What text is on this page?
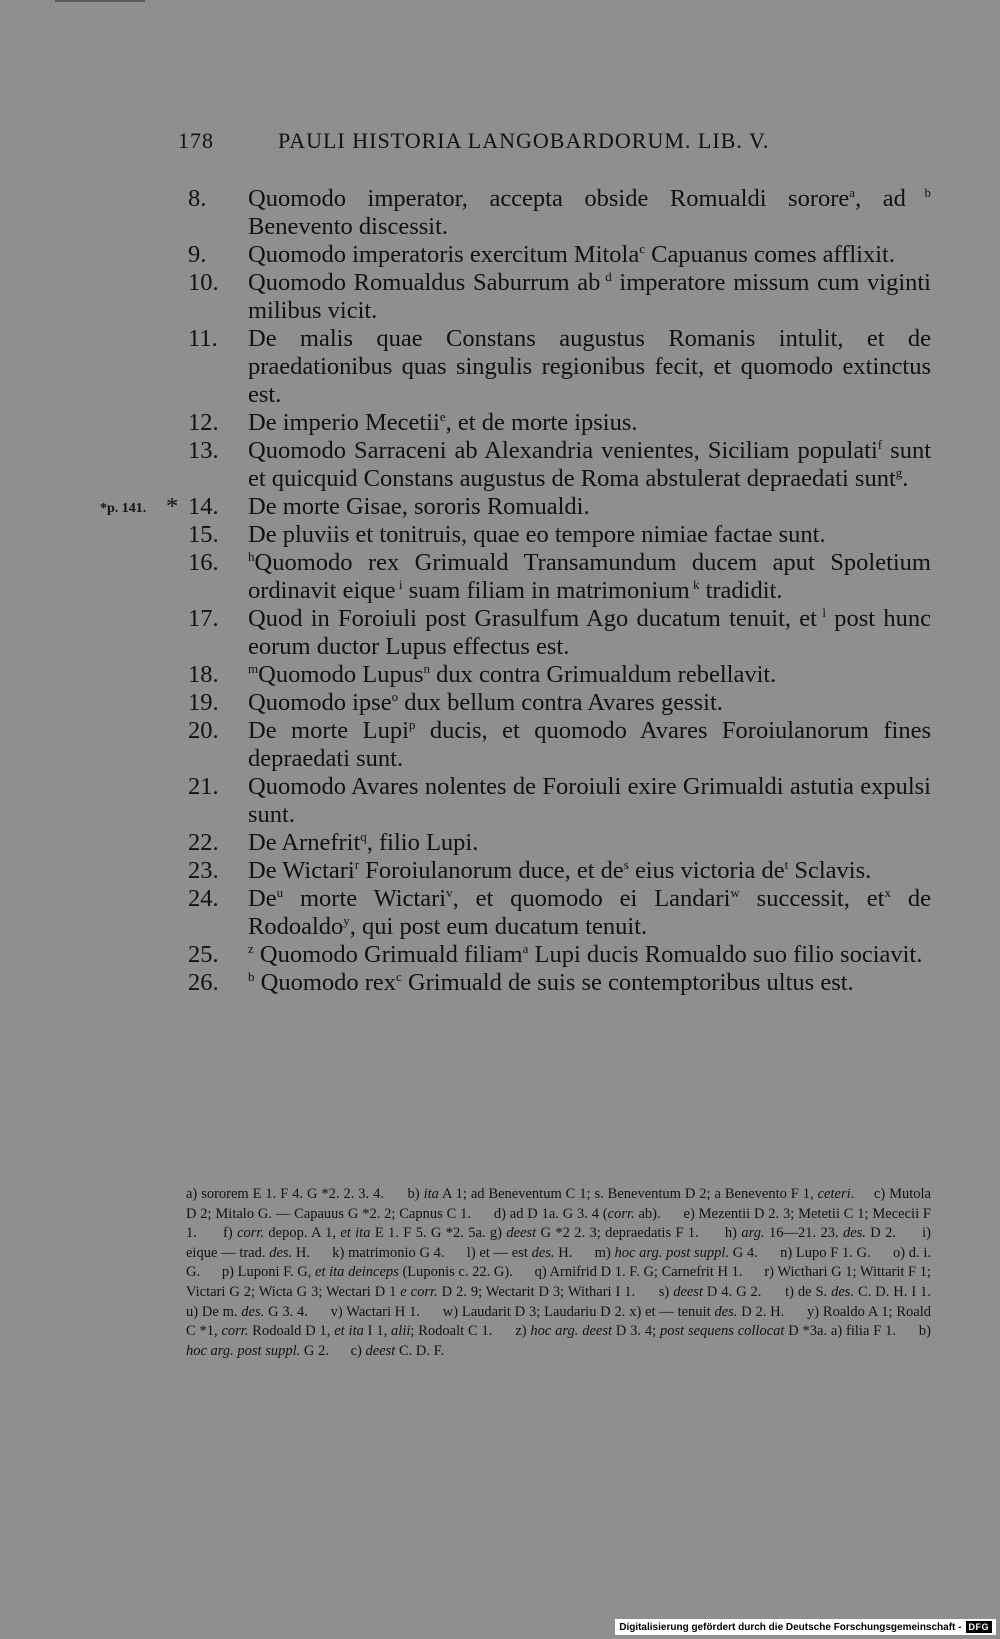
178	PAULI HISTORIA LANGOBARDORUM. LIB. V.
8.	Quomodo imperator, accepta obside Romualdi sorore$^a$, ad $^b$ Benevento discessit.
9.	Quomodo imperatoris exercitum Mitola$^c$ Capuanus comes afflixit.
10.	Quomodo Romualdus Saburrum ab $^d$ imperatore missum cum viginti milibus vicit.
11.	De malis quae Constans augustus Romanis intulit, et de praedationibus quas singulis regionibus fecit, et quomodo extinctus est.
12.	De imperio Mecetii$^e$, et de morte ipsius.
13.	Quomodo Sarraceni ab Alexandria venientes, Siciliam populati$^f$ sunt et quicquid Constans augustus de Roma abstulerat depraedati sunt$^g$.
*p. 141. * 14.	De morte Gisae, sororis Romualdi.
15.	De pluviis et tonitruis, quae eo tempore nimiae factae sunt.
16.	$^h$Quomodo rex Grimuald Transamundum ducem aput Spoletium ordinavit eique $^i$ suam filiam in matrimonium $^k$ tradidit.
17.	Quod in Foroiuli post Grasulfum Ago ducatum tenuit, et $^l$ post hunc eorum ductor Lupus effectus est.
18.	$^m$Quomodo Lupus$^n$ dux contra Grimualdum rebellavit.
19.	Quomodo ipse$^o$ dux bellum contra Avares gessit.
20.	De morte Lupi$^p$ ducis, et quomodo Avares Foroiulanorum fines depraedati sunt.
21.	Quomodo Avares nolentes de Foroiuli exire Grimualdi astutia expulsi sunt.
22.	De Arnefrit$^q$, filio Lupi.
23.	De Wictari$^r$ Foroiulanorum duce, et $de^s$ eius victoria $de^t$ Sclavis.
24.	De$^u$ morte Wictari$^v$, et quomodo ei Landari$^w$ successit, $et^x$ de Rodoaldo$^y$, qui post eum ducatum tenuit.
25.	$^z$ Quomodo Grimuald filiam$^a$ Lupi ducis Romualdo suo filio sociavit.
26.	$^b$ Quomodo rex$^c$ Grimuald de suis se contemptoribus ultus est.
a) sororem E 1. F 4. G *2. 2. 3. 4.      b) ita A 1; ad Beneventum C 1; s. Beneventum D 2; a Benevento F 1, ceteri.     c) Mutola D 2; Mitalo G. — Capauus G *2. 2; Capnus C 1.      d) ad D 1a. G 3. 4 (corr. ab).      e) Mezentii D 2. 3; Metetii C 1; Mececii F 1.      f) corr. depop. A 1, et ita E 1. F 5. G *2. 5a. g) deest G *2 2. 3; depraedatis F 1.      h) arg. 16—21. 23. des. D 2.      i) eique — trad. des. H.      k) matrimonio G 4.      l) et — est des. H.      m) hoc arg. post suppl. G 4.      n) Lupo F 1. G.      o) d. i. G.      p) Luponi F. G, et ita deinceps (Luponis c. 22. G).      q) Arnifrid D 1. F. G; Carnefrit H 1.      r) Wicthari G 1; Wittarit F 1; Victari G 2; Wicta G 3; Wectari D 1 e corr. D 2. 9; Wectarit D 3; Withari I 1.      s) deest D 4. G 2.      t) de S. des. C. D. H. I 1. u) De m. des. G 3. 4.      v) Wactari H 1.      w) Laudarit D 3; Laudariu D 2. x) et — tenuit des. D 2. H.      y) Roaldo A 1; Roald C *1, corr. Rodoald D 1, et ita I 1, alii; Rodoalt C 1.      z) hoc arg. deest D 3. 4; post sequens collocat D *3a. a) filia F 1.      b) hoc arg. post suppl. G 2.      c) deest C. D. F.
Digitalisierung gefördert durch die Deutsche Forschungsgemeinschaft - DFG
